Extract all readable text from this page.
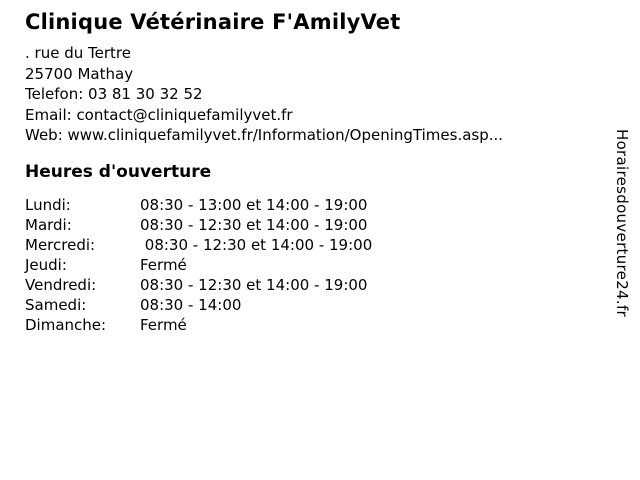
Clinique Vétérinaire F'AmilyVet
. rue du Tertre
25700 Mathay
Telefon: 03 81 30 32 52
Email: contact@cliniquefamilyvet.fr
Web: www.cliniquefamilyvet.fr/Information/OpeningTimes.asp...
Heures d'ouverture
Lundi:	08:30 - 13:00 et 14:00 - 19:00
Mardi:	08:30 - 12:30 et 14:00 - 19:00
Mercredi:	08:30 - 12:30 et 14:00 - 19:00
Jeudi:	Fermé
Vendredi:	08:30 - 12:30 et 14:00 - 19:00
Samedi:	08:30 - 14:00
Dimanche:	Fermé
Horairesdouverture24.fr
